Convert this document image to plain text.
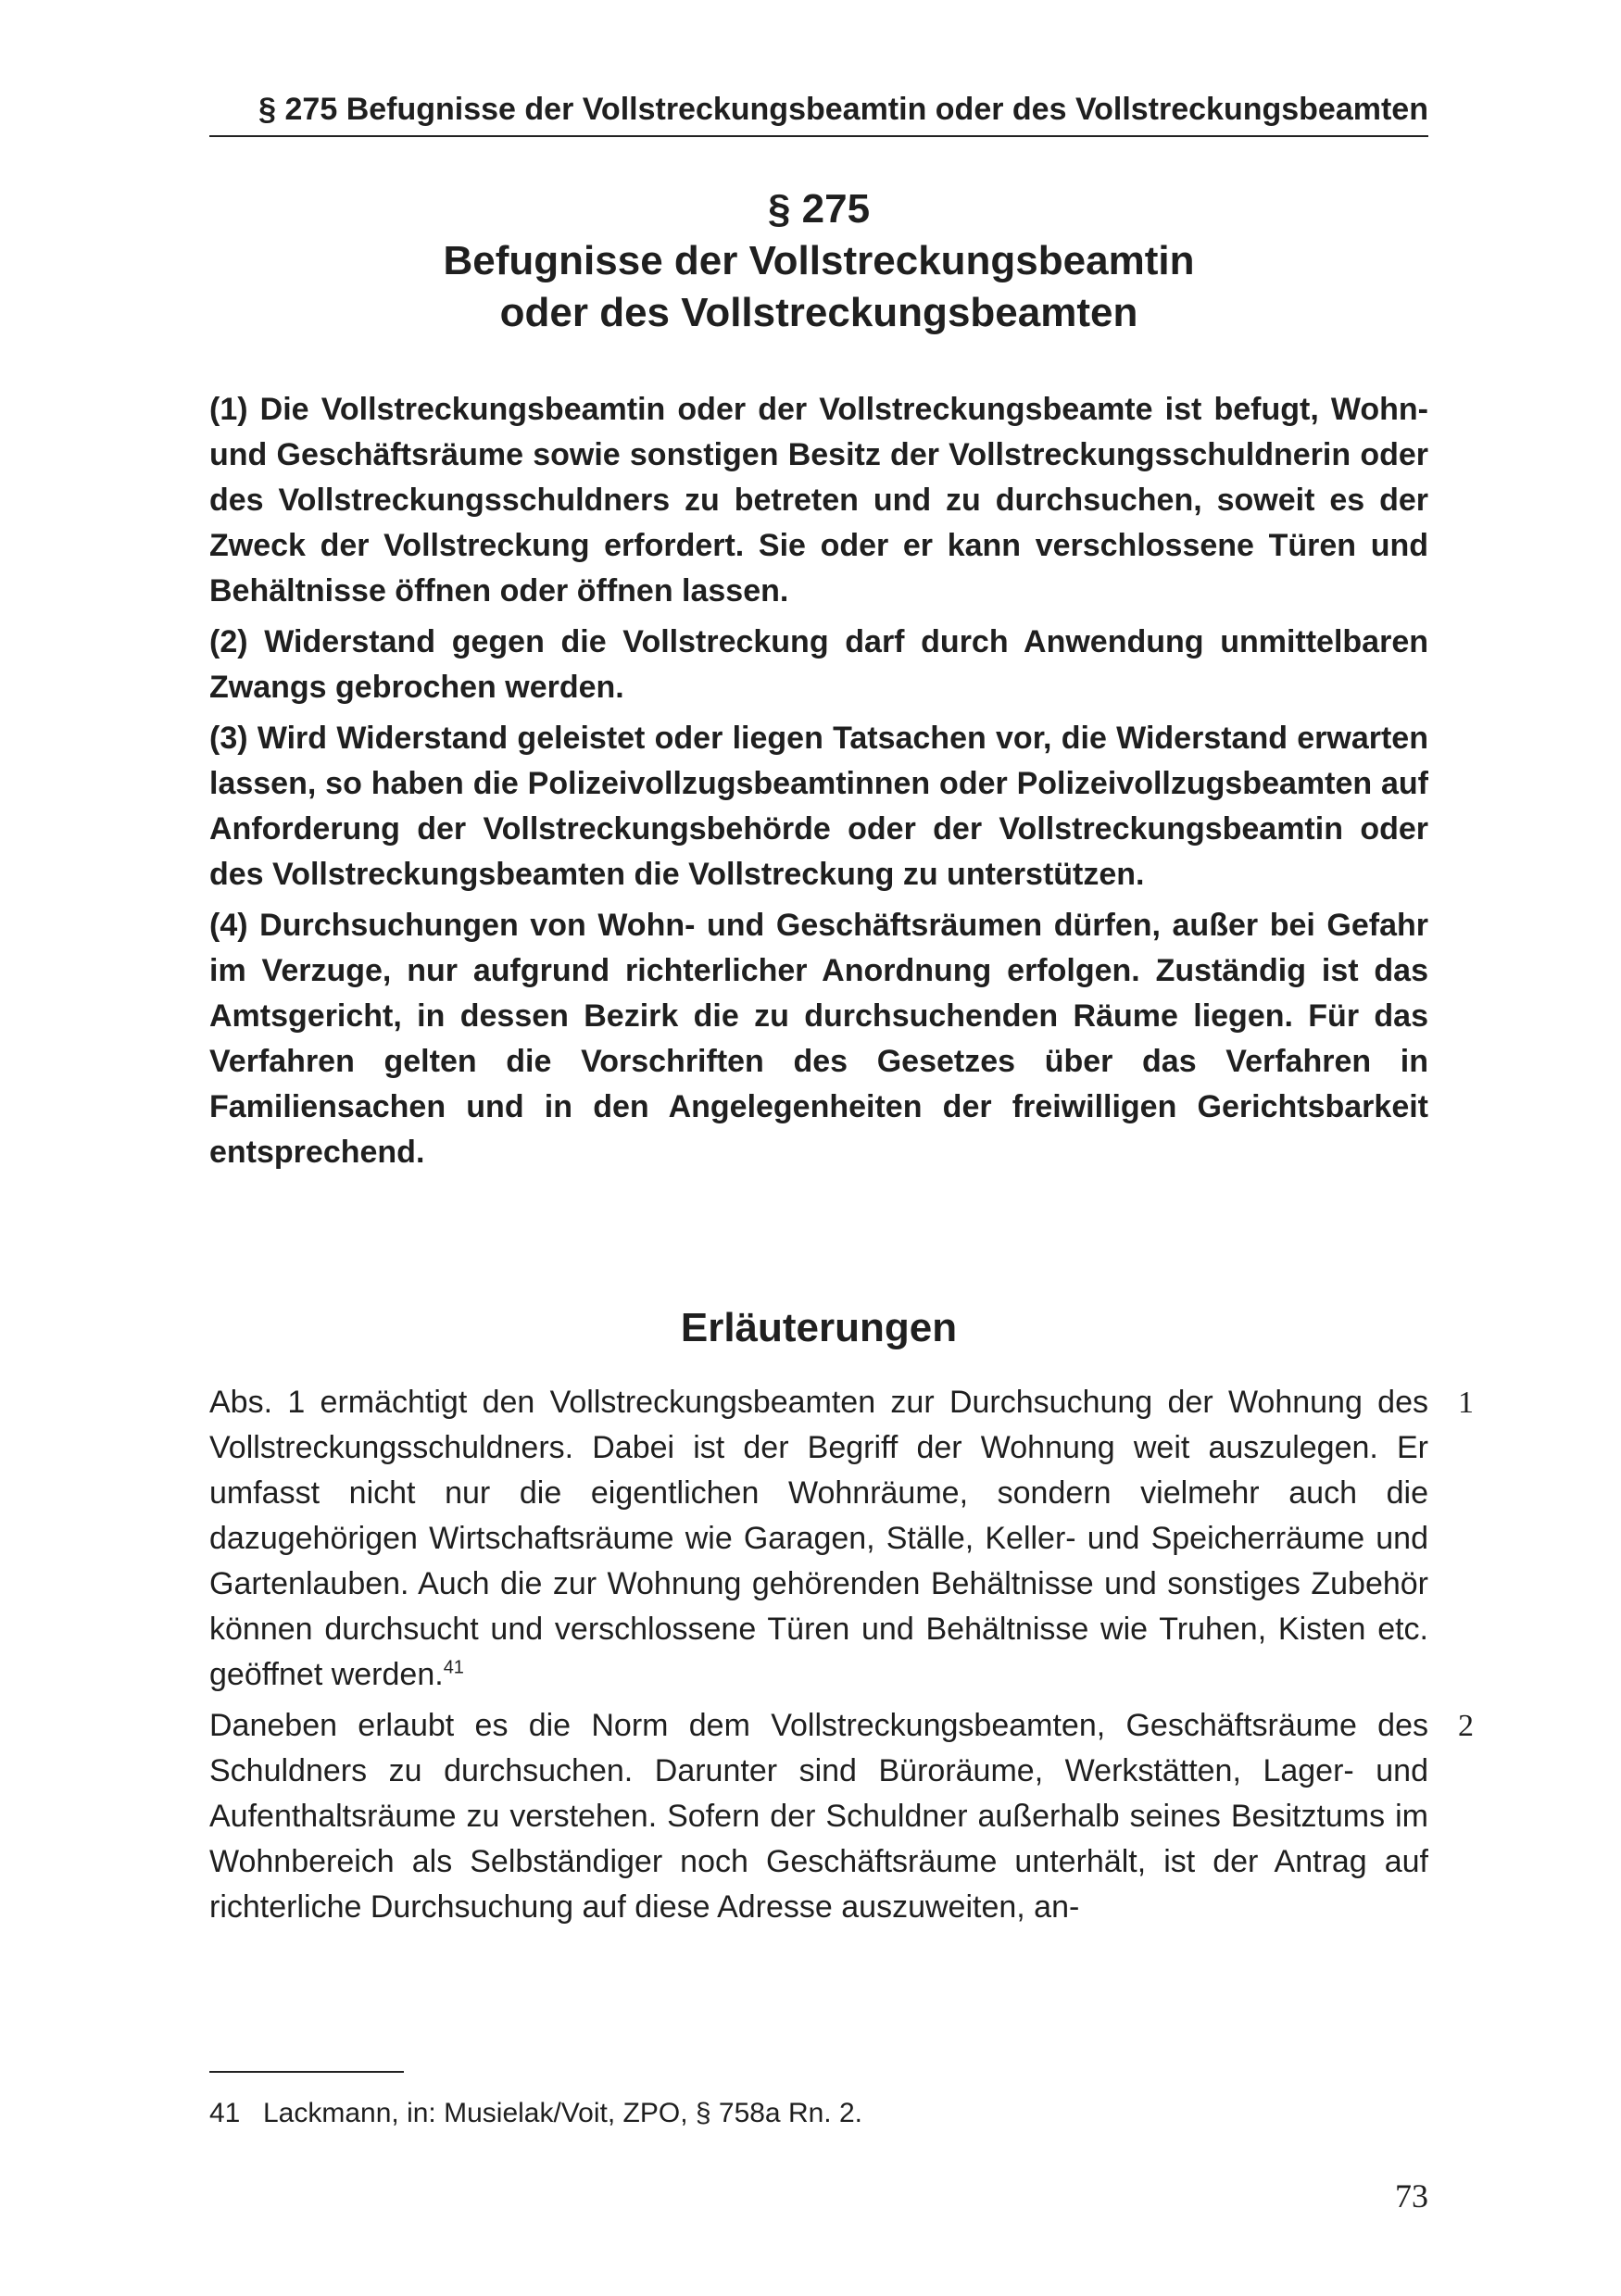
§ 275 Befugnisse der Vollstreckungsbeamtin oder des Vollstreckungsbeamten
§ 275
Befugnisse der Vollstreckungsbeamtin
oder des Vollstreckungsbeamten

(1) Die Vollstreckungsbeamtin oder der Vollstreckungsbeamte ist befugt, Wohn- und Geschäftsräume sowie sonstigen Besitz der Vollstreckungsschuldnerin oder des Vollstreckungsschuldners zu betreten und zu durchsuchen, soweit es der Zweck der Vollstreckung erfordert. Sie oder er kann verschlossene Türen und Behältnisse öffnen oder öffnen lassen.

(2) Widerstand gegen die Vollstreckung darf durch Anwendung unmittelbaren Zwangs gebrochen werden.

(3) Wird Widerstand geleistet oder liegen Tatsachen vor, die Widerstand erwarten lassen, so haben die Polizeivollzugsbeamtinnen oder Polizeivollzugsbeamten auf Anforderung der Vollstreckungsbehörde oder der Vollstreckungsbeamtin oder des Vollstreckungsbeamten die Vollstreckung zu unterstützen.

(4) Durchsuchungen von Wohn- und Geschäftsräumen dürfen, außer bei Gefahr im Verzuge, nur aufgrund richterlicher Anordnung erfolgen. Zuständig ist das Amtsgericht, in dessen Bezirk die zu durchsuchenden Räume liegen. Für das Verfahren gelten die Vorschriften des Gesetzes über das Verfahren in Familiensachen und in den Angelegenheiten der freiwilligen Gerichtsbarkeit entsprechend.

Erläuterungen
1
Abs. 1 ermächtigt den Vollstreckungsbeamten zur Durchsuchung der Wohnung des Vollstreckungsschuldners. Dabei ist der Begriff der Wohnung weit auszulegen. Er umfasst nicht nur die eigentlichen Wohnräume, sondern vielmehr auch die dazugehörigen Wirtschaftsräume wie Garagen, Ställe, Keller- und Speicherräume und Gartenlauben. Auch die zur Wohnung gehörenden Behältnisse und sonstiges Zubehör können durchsucht und verschlossene Türen und Behältnisse wie Truhen, Kisten etc. geöffnet werden.$^{41}$
2
Daneben erlaubt es die Norm dem Vollstreckungsbeamten, Geschäftsräume des Schuldners zu durchsuchen. Darunter sind Büroräume, Werkstätten, Lager- und Aufenthaltsräume zu verstehen. Sofern der Schuldner außerhalb seines Besitztums im Wohnbereich als Selbständiger noch Geschäftsräume unterhält, ist der Antrag auf richterliche Durchsuchung auf diese Adresse auszuweiten, an-
41 Lackmann, in: Musielak/Voit, ZPO, § 758a Rn. 2.
73
